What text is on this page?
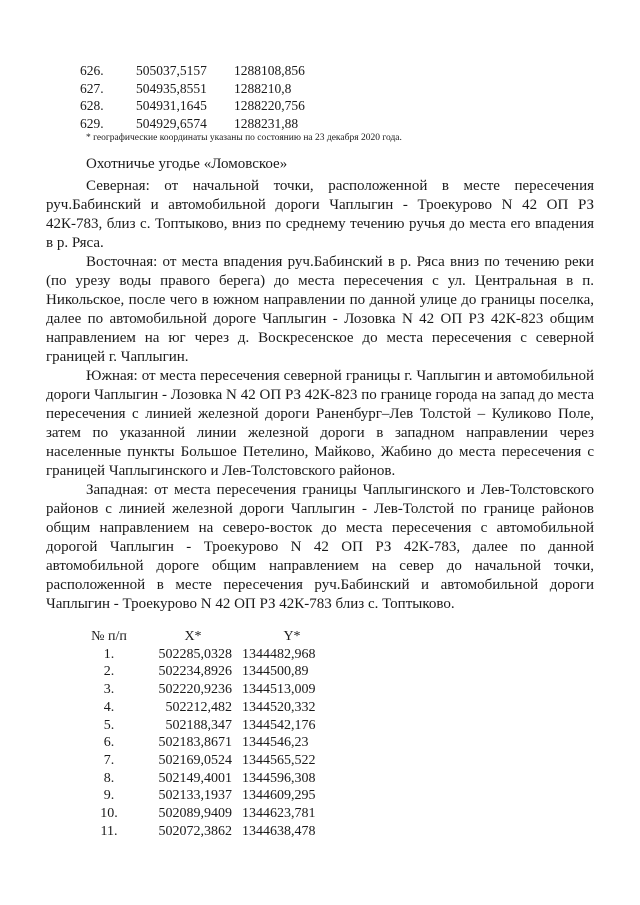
626.	505037,5157	1288108,856
627.	504935,8551	1288210,8
628.	504931,1645	1288220,756
629.	504929,6574	1288231,88
* географические координаты указаны по состоянию на 23 декабря 2020 года.
Охотничье угодье «Ломовское»

Северная: от начальной точки, расположенной в месте пересечения руч.Бабинский и автомобильной дороги Чаплыгин - Троекурово N 42 ОП РЗ 42К-783, близ с. Топтыково, вниз по среднему течению ручья до места его впадения в р. Ряса.

Восточная: от места впадения руч.Бабинский в р. Ряса вниз по течению реки (по урезу воды правого берега) до места пересечения с ул. Центральная в п. Никольское, после чего в южном направлении по данной улице до границы поселка, далее по автомобильной дороге Чаплыгин - Лозовка N 42 ОП РЗ 42К-823 общим направлением на юг через д. Воскресенское до места пересечения с северной границей г. Чаплыгин.

Южная: от места пересечения северной границы г. Чаплыгин и автомобильной дороги Чаплыгин - Лозовка N 42 ОП РЗ 42К-823 по границе города на запад до места пересечения с линией железной дороги Раненбург–Лев Толстой – Куликово Поле, затем по указанной линии железной дороги в западном направлении через населенные пункты Большое Петелино, Майково, Жабино до места пересечения с границей Чаплыгинского и Лев-Толстовского районов.

Западная: от места пересечения границы Чаплыгинского и Лев-Толстовского районов с линией железной дороги Чаплыгин - Лев-Толстой по границе районов общим направлением на северо-восток до места пересечения с автомобильной дорогой Чаплыгин - Троекурово N 42 ОП РЗ 42К-783, далее по данной автомобильной дороге общим направлением на север до начальной точки, расположенной в месте пересечения руч.Бабинский и автомобильной дороги Чаплыгин - Троекурово N 42 ОП РЗ 42К-783 близ с. Топтыково.

№ п/п	X*	Y*
1.	502285,0328 1344482,968
2.	502234,8926 1344500,89
3.	502220,9236 1344513,009
4.	502212,482 1344520,332
5.	502188,347 1344542,176
6.	502183,8671 1344546,23
7.	502169,0524 1344565,522
8.	502149,4001 1344596,308
9.	502133,1937 1344609,295
10.	502089,9409 1344623,781
11.	502072,3862 1344638,478
